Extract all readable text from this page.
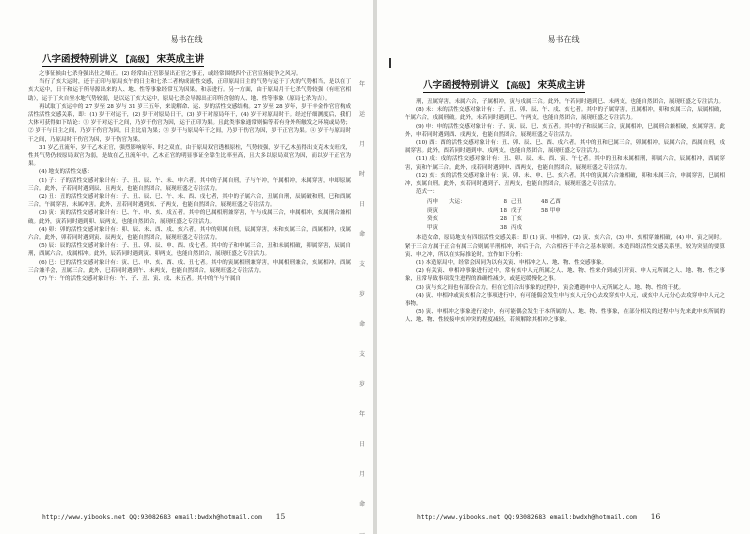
易书在线
八字函授特别讲义 【高级】 宋英成主讲

之事征候由七杀身强出仕之师正。(2) 经常由正官影显出正官之事正，或经常围绕四个正官宣扬徒争之风习。

当行了亥大运时，还于正印与原局亥午的日主和七杀二者构成流性交感，正印原局日主的气势与运于丁火的气势相当，是以在丁亥大运中，日干和运于所导源出来的人、地、性等事象经常互为因果，和亲进行。另一方面，由于原局月干七杀气势较强（有旺官相助），运于丁火自坐水地气势较弱，是以运丁亥大运中，原局七杀会导源出正印所含射的人、地、性等事象（原局七杀为吉）。

再试取丁亥运中的 27 岁至 28 岁与 31 岁三五年，来说解命、运、岁的活性交感结构。27 岁至 28 岁年，岁干辛金作官官构成活性活性交感关系，即：(1) 岁干对运干，(2) 岁干对原局日干，(3) 岁干对原局年干，(4) 岁干对原局时干。经过仔细测度后，我们大体可获得如下结论：① 岁干对运干之间，乃岁干伤官为因，运于正印为果。且此类事象通常则偏等若有身外所触发之环境或局势；② 岁干与日主之间，乃岁干伤官为因，日主比肩为果；③ 岁干与原局年干之间，乃岁干伤官为因，岁干正官为果。④ 岁干与原局时干之间，乃原局时干伤官为因，岁干伤官为果。

31 岁乙丑流年，岁干乙木正官，强烈影响原年、时之双直，由于原局双官透根原柱，气势较强，岁干乙木虽得出支克木支旺戊，性其气势仍较原局双官为弱，是故在乙丑流年中，乙木正官的明显事证全靠生比率至高，且大多以原局双官为因，而以岁干正官为果。

(4) 地支的活性交感：

(1) 子：子的活性交感对象计有：子、丑、辰、午、未、申六者。其中的子属自刑，子与午冲，午属相冲，未属穿害，申却原属三合。此外，子若同时遇到辰、且两支，也能自然团合，展现旺盛之专注活力。

(2) 丑：丑的活性交感对象计有：子、丑、辰、巳、午、未、酉、戌七者，其中的子属六合，丑属自刑，辰属破和刑，巳和酉属三合，午属穿害，未属冲害。此外，丑若同时遇到亥、子两支，也能自然团合，展现旺盛之专注活力。

(3) 寅：寅的活性交感对象计有：巳、午、申、亥、戌五者。其中的巳属相刑兼穿害，午与戌属三合，申属相冲，亥属刑合兼相破。此外，寅若同时遇到卯、辰两支，也能自然团合，展现旺盛之专注活力。

(4) 卯：卯的活性交感对象计有：卯、辰、未、酉、戌、亥六者。其中的卯属自刑，辰属穿害，未和亥属三合，酉属相冲，戌属六合。此外，卯若同时遇到寅、辰两支，也能自然团合，展现旺盛之专注活力。

(5) 辰：辰的活性交感对象计有：子、丑、卯、辰、申、酉、戌七者。其中的子和申属三合，丑和未属相破，卯属穿害，辰属自刑，酉属六合，戌属相冲。此外，辰若同时遇到寅、卯两支，也能自然团合，展现旺盛之专注活力。

(6) 巳：巳的活性交感对象计有：寅、巳、申、亥、酉、戌、丑七者。其中的寅属相刑兼穿害，申属相刑兼合，亥属相冲。酉属三合兼半会，丑属三合。此外，巳若同时遇到午、未两支，也能自然团合，展现旺盛之专注活力。

(7) 午：午的活性交感对象计有：午、子、丑、寅、戌、未五者。其中的午与午属自

年
运
月
时
日
命
支
岁
命
支
岁
年
日
月
命
一
http://www.yibooks.net QQ:93082683 email:bwdxh@hotmail.com 15
易书在线
八字函授特别讲义 【高级】 宋英成主讲

刑，丑属穿害，未属六合，子属相冲，寅与戌属三合。此外，午若同时遇到巳、未两支，也能自然团合，展现旺盛之专注活力。

(8) 未：未的活性交感对象计有：子、丑、卯、辰、午、戌、亥七者。其中的子属穿害，丑属相冲，卯和亥属三合，辰属相破，午属六合，戌属刑破。此外，未若同时遇到巳、午两支，也能自然团合，展现旺盛之专注活力。

(9) 申：申的活性交感对象计有：子、寅、辰、巳、亥五者。其中的子和辰属三合，寅属相冲，巳属刑合兼相破，亥属穿害。此外，申若同时遇到酉、戌两支，也能自然团合，展现旺盛之专注活力。

(10) 酉：酉的活性交感对象计有：丑、卯、辰、巳、酉、戌六者。其中的丑和巳属三合，卯属相冲，辰属六合，酉属自刑，戌属穿害。此外，酉若同时遇到申、戌两支，也能自然团合，展现旺盛之专注活力。

(11) 戌：戌的活性交感对象计有：丑、卯、辰、未、酉、寅、午七者。其中的丑和未属相刑，卯属六合，辰属相冲，酉属穿害，寅和午属三合。此外，戌若同时遇到申、酉两支，也能自然团合，展现旺盛之专注活力。

(12) 亥：亥的活性交感对象计有：寅、卯、未、申、巳、亥六者。其中的寅属六合兼相破，卯和未属三合，申属穿害，巳属相冲，亥属自刑。此外，亥若同时遇到子、丑两支，也能自然团合，展现旺盛之专注活力。

范式一：

丙申	大运：	8 己丑	48 乙酉
庚寅	18 戊子	58 甲申
癸亥	28 丁亥
甲寅	38 丙戌

本造女命，原局地支有四组活性交感关系：即 (1) 寅、申相冲，(2) 寅、亥六合，(3) 申、亥相穿兼相破，(4) 申、寅之同时。紧于三合方属于正合有属三合则属半刑相冲，冲后于合，六合相容于半合之基本原则。本造四组活性交感关系里，较为突显的要算寅、申之冲，所以在实际推论时，宜作如下分析：

(1) 本造原局中，经常会因同为以有关寅、申相冲之人、地、物、性交感事象。

(2) 有关寅、申相冲事象进行过中，常有亥中人元所属之人、地、物、性来介到或引开寅、申人元所属之人、地、物、性之事象，且常导致事项发生进程的准确性减少，或延迟缓慢化之事。

(3) 寅与亥之间也有部份合力，但在它们合出事象的过程中，寅会遭遇申中人元所属之人、地、物、性的干扰。

(4) 寅、申相冲或寅亥相合之事项进行中，有可能偶会发生申与亥人元分心去攻穿亥中人元，或亥中人元分心去攻穿申中人元之事物。

(5) 寅、申相冲之事象进行途中，有可能偶会发生于本所属的人、地、物、性事象，在部分相关的过程中与先来此申亥所属的人、地、物、性较接申亥冲突的程度减轻，若须解除其相冲之事象。

http://www.yibooks.net QQ:93082683 email:bwdxh@hotmail.com 16
